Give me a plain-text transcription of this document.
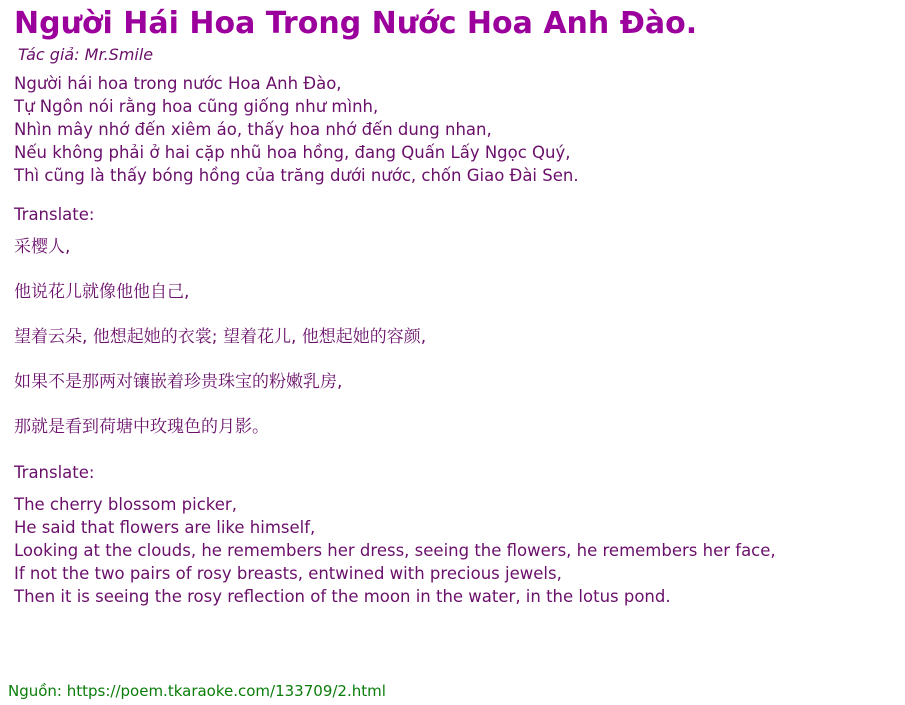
Người Hái Hoa Trong Nước Hoa Anh Đào.
Tác giả: Mr.Smile
Người hái hoa trong nước Hoa Anh Đào,
Tự Ngôn nói rằng hoa cũng giống như mình,
Nhìn mây nhớ đến xiêm áo, thấy hoa nhớ đến dung nhan,
Nếu không phải ở hai cặp nhũ hoa hồng, đang Quấn Lấy Ngọc Quý,
Thì cũng là thấy bóng hồng của trăng dưới nước, chốn Giao Đài Sen.
Translate:
采樱人,
他说花儿就像他他自己,
望着云朵, 他想起她的衣裳; 望着花儿, 他想起她的容颜,
如果不是那两对镶嵌着珍贵珠宝的粉嫩乳房,
那就是看到荷塘中玫瑰色的月影。
Translate:
The cherry blossom picker,
He said that flowers are like himself,
Looking at the clouds, he remembers her dress, seeing the flowers, he remembers her face,
If not the two pairs of rosy breasts, entwined with precious jewels,
Then it is seeing the rosy reflection of the moon in the water, in the lotus pond.
Nguồn: https://poem.tkaraoke.com/133709/2.html
